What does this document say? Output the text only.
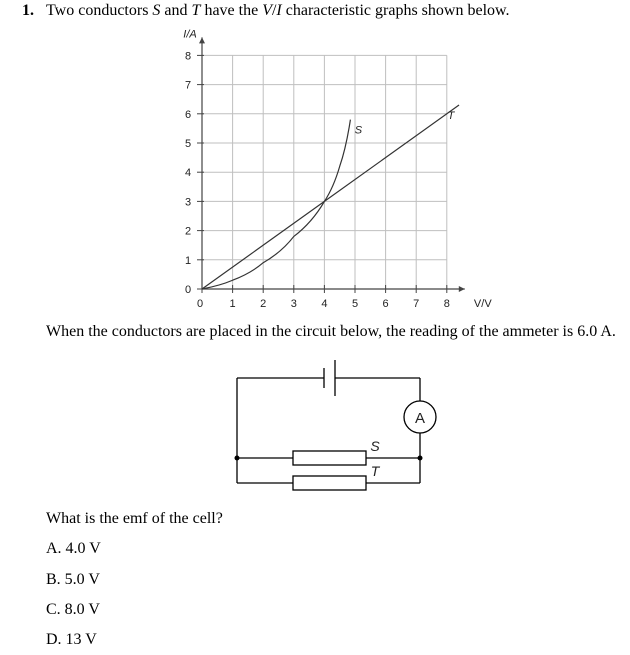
1. Two conductors S and T have the V/I characteristic graphs shown below.
0 1 2 3 4 5 6 7 8
0
1
2
3
4
5
6
7
8
I/A
V/V
S
T
When the conductors are placed in the circuit below, the reading of the ammeter is 6.0 A.
A
S
T
What is the emf of the cell?
A. 4.0 V
B. 5.0 V
C. 8.0 V
D. 13 V
